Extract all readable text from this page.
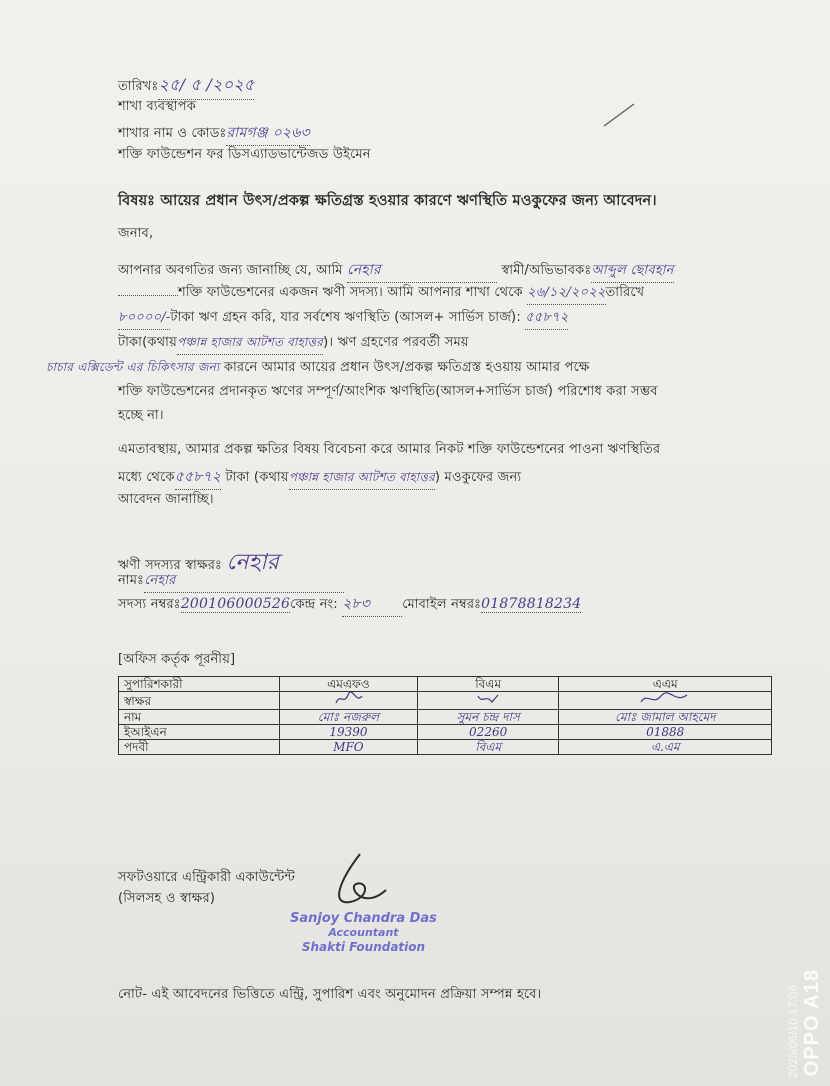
তারিখঃ২৫/ ৫ /২০২৫
শাখা ব্যবস্থাপক
শাখার নাম ও কোডঃরামগঞ্জ ০২৬৩
শক্তি ফাউন্ডেশন ফর ডিসএ্যাডভান্টেজড উইমেন
বিষয়ঃ আয়ের প্রধান উৎস/প্রকল্প ক্ষতিগ্রস্ত হওয়ার কারণে ঋণস্থিতি মওকুফের জন্য আবেদন।
জনাব,
আপনার অবগতির জন্য জানাচ্ছি যে, আমি নেহার	স্বামী/অভিভাবকঃআব্দুল ছোবহান
শক্তি ফাউন্ডেশনের একজন ঋণী সদস্য। আমি আপনার শাখা থেকে ২৬/১২/২০২২তারিখে
৮০০০০/-টাকা ঋণ গ্রহন করি, যার সর্বশেষ ঋণস্থিতি (আসল+ সার্ভিস চার্জ): ৫৫৮৭২
টাকা(কথায়পঞ্চান্ন হাজার আটশত বাহাত্তর)। ঋণ গ্রহণের পরবর্তী সময়
চাচার এক্সিডেন্ট এর চিকিৎসার জন্য কারনে আমার আয়ের প্রধান উৎস/প্রকল্প ক্ষতিগ্রস্ত হওয়ায় আমার পক্ষে
শক্তি ফাউন্ডেশনের প্রদানকৃত ঋণের সম্পূর্ণ/আংশিক ঋণস্থিতি(আসল+সার্ভিস চার্জ) পরিশোধ করা সম্ভব
হচ্ছে না।
এমতাবস্থায়, আমার প্রকল্প ক্ষতির বিষয় বিবেচনা করে আমার নিকট শক্তি ফাউন্ডেশনের পাওনা ঋণস্থিতির
মধ্যে থেকে৫৫৮৭২ টাকা (কথায়পঞ্চান্ন হাজার আটশত বাহাত্তর) মওকুফের জন্য
আবেদন জানাচ্ছি।
ঋণী সদস্যর স্বাক্ষরঃ নেহার
নামঃনেহার
সদস্য নম্বরঃ200106000526কেন্দ্র নং: ২৮৩ মোবাইল নম্বরঃ01878818234
[অফিস কর্তৃক পূরনীয়]
সুপারিশকারী	এমএফও	বিএম	এএম
স্বাক্ষর			
নাম	মোঃ নজরুল	সুমন চন্দ্র দাস	মোঃ জামাল আহমেদ
ইআইএন	19390	02260	01888
পদবী	MFO	বিএম	এ.এম
সফটওয়ারে এন্ট্রিকারী একাউন্টেন্ট
(সিলসহ ও স্বাক্ষর)
Sanjoy Chandra Das
Accountant
Shakti Foundation
নোট- এই আবেদনের ভিত্তিতে এন্ট্রি, সুপারিশ এবং অনুমোদন প্রক্রিয়া সম্পন্ন হবে।	OPPO A18
2025/06/10 17:06
